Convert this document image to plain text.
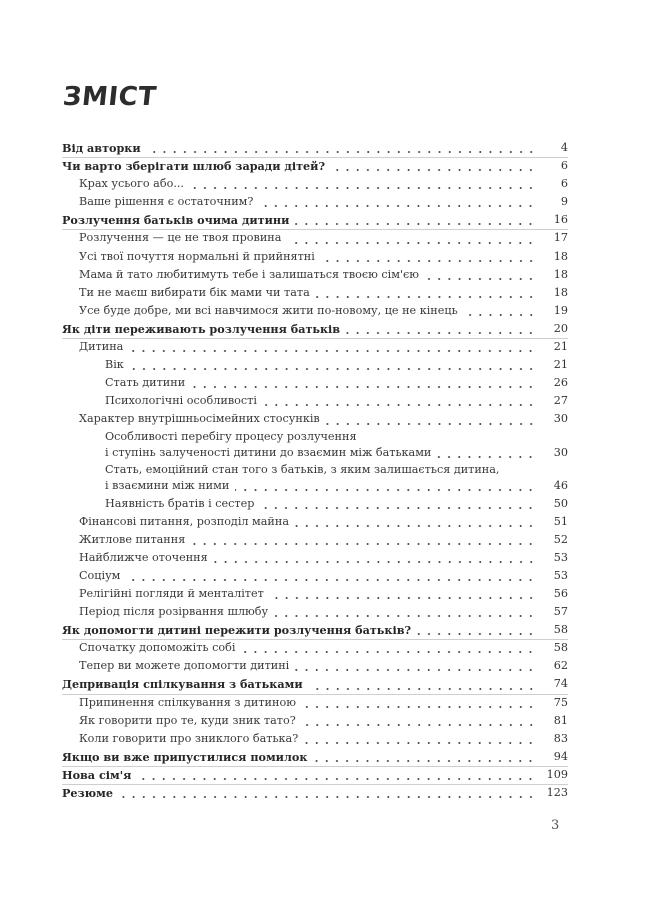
ЗМІСТ
Від авторки	4
Чи варто зберігати шлюб заради дітей?	6
Крах усього або...	6
Ваше рішення є остаточним?	9
Розлучення батьків очима дитини	16
Розлучення — це не твоя провина	17
Усі твої почуття нормальні й прийнятні	18
Мама й тато любитимуть тебе і залишаться твоєю сім'єю	18
Ти не маєш вибирати бік мами чи тата	18
Усе буде добре, ми всі навчимося жити по-новому, це не кінець	19
Як діти переживають розлучення батьків	20
Дитина	21
Вік	21
Стать дитини	26
Психологічні особливості	27
Характер внутрішньосімейних стосунків	30
Особливості перебігу процесу розлучення
і ступінь залученості дитини до взаємин між батьками	30
Стать, емоційний стан того з батьків, з яким залишається дитина,
і взаємини між ними	46
Наявність братів і сестер	50
Фінансові питання, розподіл майна	51
Житлове питання	52
Найближче оточення	53
Соціум	53
Релігійні погляди й менталітет	56
Період після розірвання шлюбу	57
Як допомогти дитині пережити розлучення батьків?	58
Спочатку допоможіть собі	58
Тепер ви можете допомогти дитині	62
Депривація спілкування з батьками	74
Припинення спілкування з дитиною	75
Як говорити про те, куди зник тато?	81
Коли говорити про зниклого батька?	83
Якщо ви вже припустилися помилок	94
Нова сім'я	109
Резюме	123
3
